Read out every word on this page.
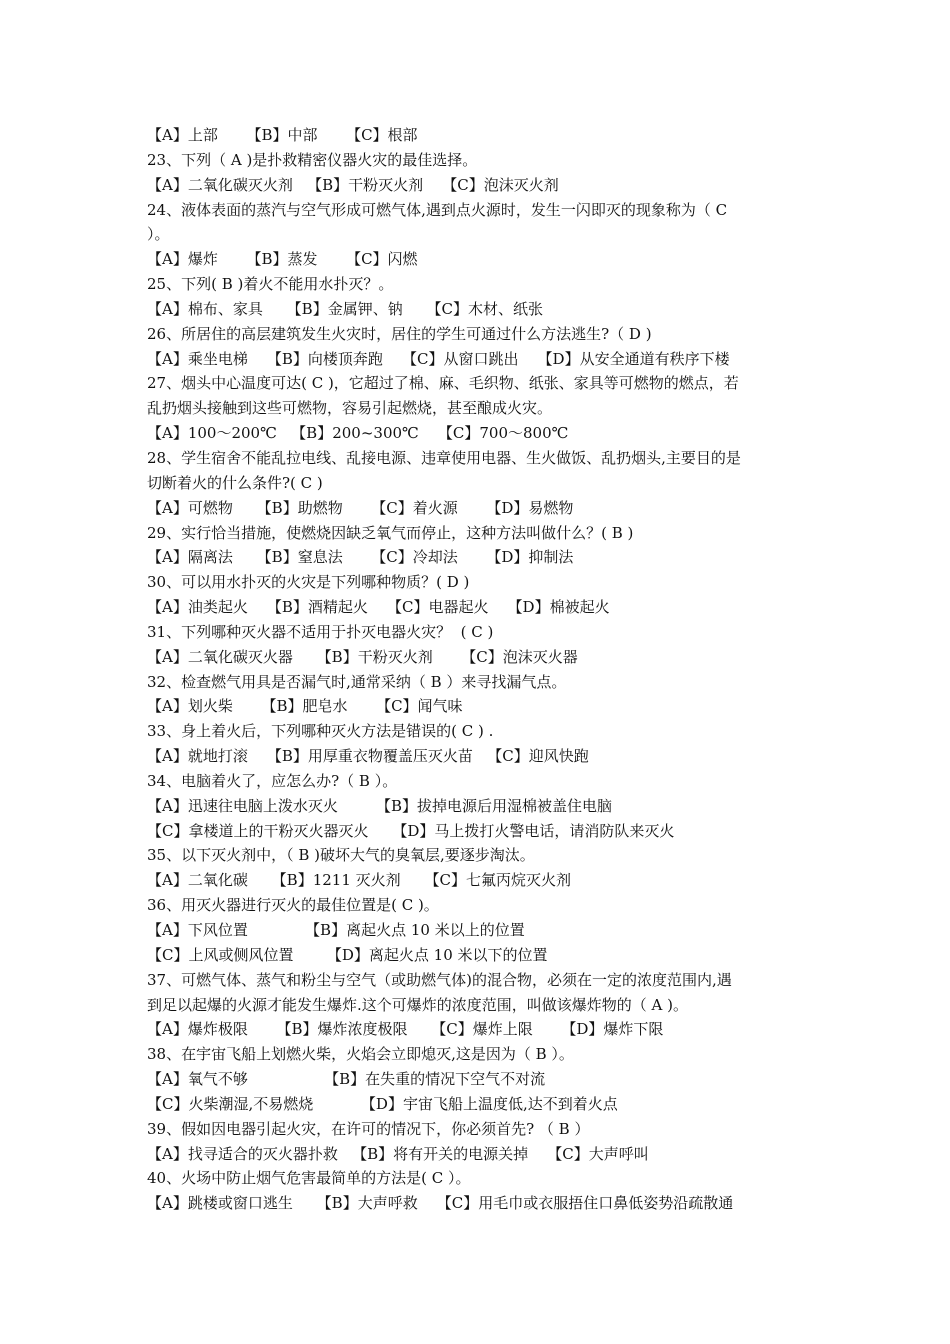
【A】上部      【B】中部      【C】根部
23、下列（ A )是扑救精密仪器火灾的最佳选择。
【A】二氧化碳灭火剂   【B】干粉灭火剂    【C】泡沫灭火剂
24、液体表面的蒸汽与空气形成可燃气体,遇到点火源时，发生一闪即灭的现象称为（ C
）。
【A】爆炸      【B】蒸发      【C】闪燃
25、下列( B )着火不能用水扑灭？。
【A】棉布、家具     【B】金属钾、钠     【C】木材、纸张
26、所居住的高层建筑发生火灾时，居住的学生可通过什么方法逃生?（ D )
【A】乘坐电梯    【B】向楼顶奔跑    【C】从窗口跳出    【D】从安全通道有秩序下楼
27、烟头中心温度可达( C )，它超过了棉、麻、毛织物、纸张、家具等可燃物的燃点，若
乱扔烟头接触到这些可燃物，容易引起燃烧，甚至酿成火灾。
【A】100～200℃   【B】200~300℃    【C】700～800℃
28、学生宿舍不能乱拉电线、乱接电源、违章使用电器、生火做饭、乱扔烟头,主要目的是
切断着火的什么条件?( C )
【A】可燃物     【B】助燃物      【C】着火源      【D】易燃物
29、实行恰当措施，使燃烧因缺乏氧气而停止，这种方法叫做什么？( B )
【A】隔离法     【B】窒息法      【C】冷却法      【D】抑制法
30、可以用水扑灭的火灾是下列哪种物质？( D )
【A】油类起火    【B】酒精起火    【C】电器起火    【D】棉被起火
31、下列哪种灭火器不适用于扑灭电器火灾？  ( C )
【A】二氧化碳灭火器     【B】干粉灭火剂      【C】泡沫灭火器
32、检查燃气用具是否漏气时,通常采纳（ B ）来寻找漏气点。
【A】划火柴      【B】肥皂水      【C】闻气味
33、身上着火后，下列哪种灭火方法是错误的( C ) .
【A】就地打滚    【B】用厚重衣物覆盖压灭火苗   【C】迎风快跑
34、电脑着火了，应怎么办?（ B ）。
【A】迅速往电脑上泼水灭火        【B】拔掉电源后用湿棉被盖住电脑
【C】拿楼道上的干粉灭火器灭火     【D】马上拨打火警电话，请消防队来灭火
35、以下灭火剂中，（ B )破坏大气的臭氧层,要逐步淘汰。
【A】二氧化碳     【B】1211 灭火剂     【C】七氟丙烷灭火剂
36、用灭火器进行灭火的最佳位置是( C )。
【A】下风位置            【B】离起火点 10 米以上的位置
【C】上风或侧风位置       【D】离起火点 10 米以下的位置
37、可燃气体、蒸气和粉尘与空气（或助燃气体)的混合物，必须在一定的浓度范围内,遇
到足以起爆的火源才能发生爆炸.这个可爆炸的浓度范围，叫做该爆炸物的（ A )。
【A】爆炸极限      【B】爆炸浓度极限     【C】爆炸上限      【D】爆炸下限
38、在宇宙飞船上划燃火柴，火焰会立即熄灭,这是因为（ B ）。
【A】氧气不够                【B】在失重的情况下空气不对流
【C】火柴潮湿,不易燃烧          【D】宇宙飞船上温度低,达不到着火点
39、假如因电器引起火灾，在许可的情况下，你必须首先? （ B ）
【A】找寻适合的灭火器扑救   【B】将有开关的电源关掉    【C】大声呼叫
40、火场中防止烟气危害最简单的方法是( C ）。
【A】跳楼或窗口逃生     【B】大声呼救    【C】用毛巾或衣服捂住口鼻低姿势沿疏散通
